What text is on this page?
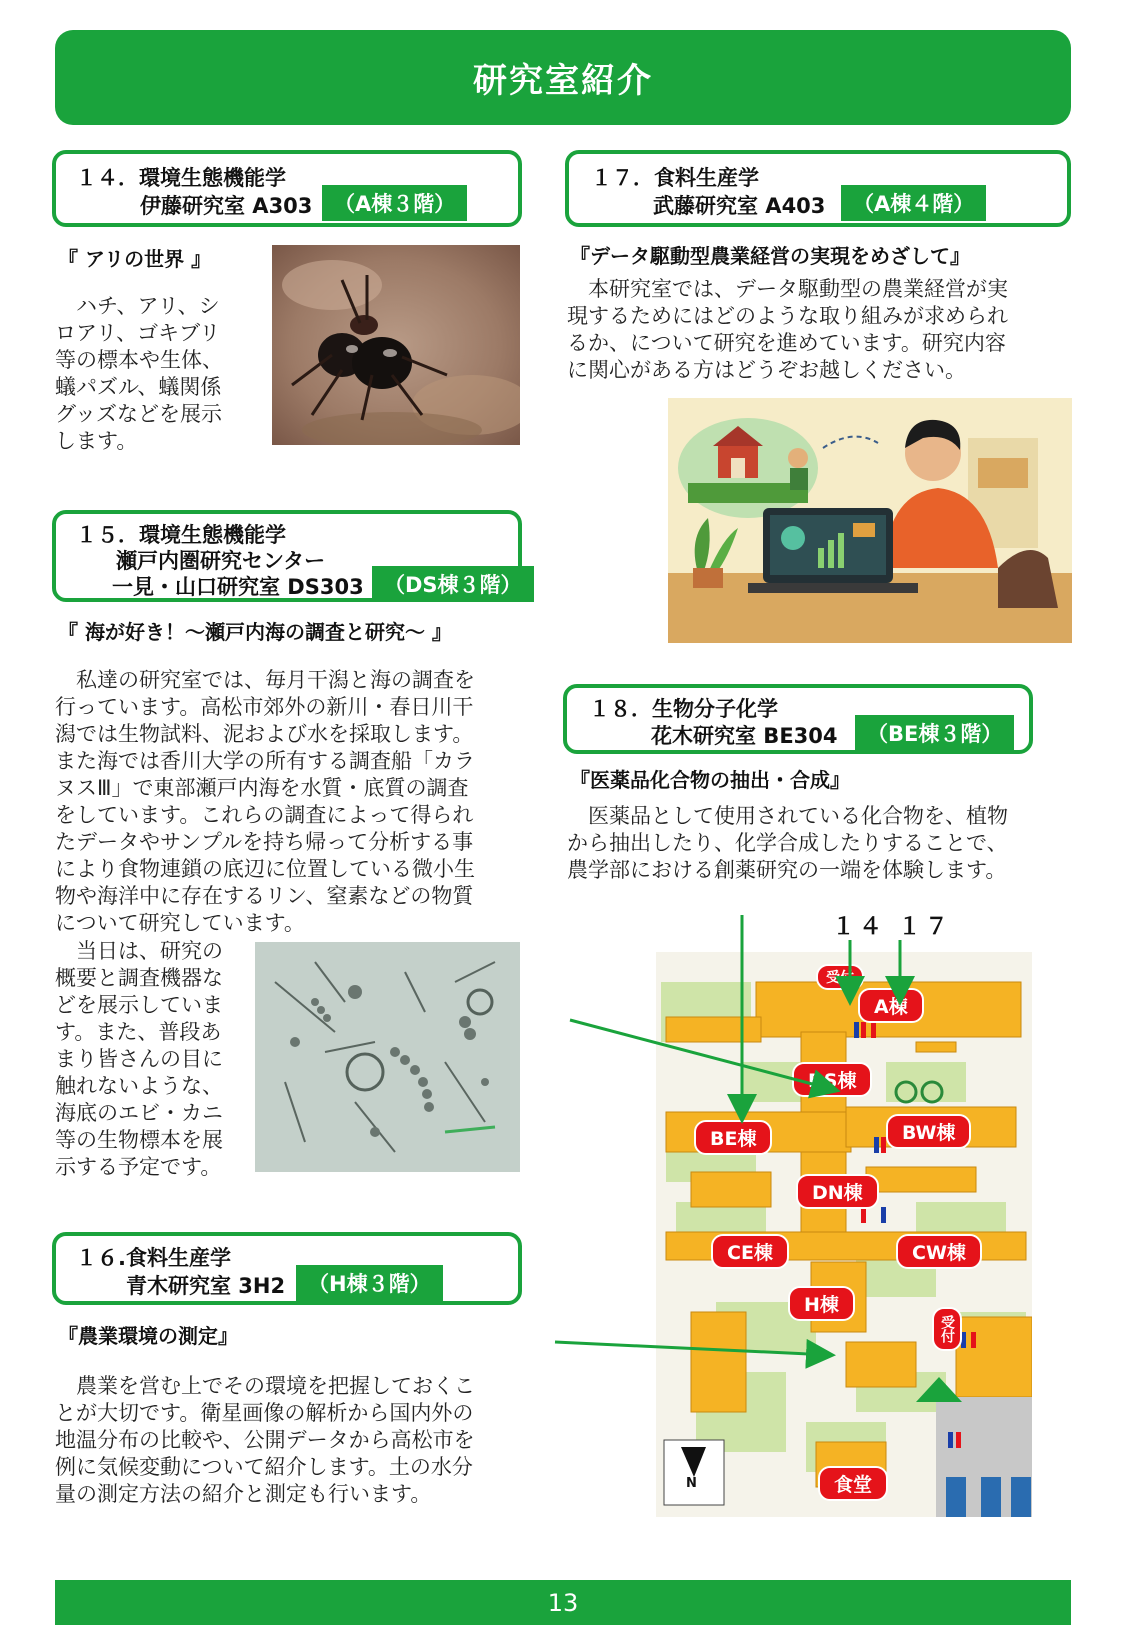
研究室紹介
１４．環境生態機能学
伊藤研究室 A303	（A棟３階）
『 アリの世界 』
　ハチ、アリ、シ
ロアリ、ゴキブリ
等の標本や生体、
蟻パズル、蟻関係
グッズなどを展示
します。
１５．環境生態機能学
瀬戸内圏研究センター
一見・山口研究室 DS303 （DS棟３階）
『 海が好き！～瀬戸内海の調査と研究～ 』
　私達の研究室では、毎月干潟と海の調査を
行っています。高松市郊外の新川・春日川干
潟では生物試料、泥および水を採取します。
また海では香川大学の所有する調査船「カラ
ヌスⅢ」で東部瀬戸内海を水質・底質の調査
をしています。これらの調査によって得られ
たデータやサンプルを持ち帰って分析する事
により食物連鎖の底辺に位置している微小生
物や海洋中に存在するリン、窒素などの物質
について研究しています。
　当日は、研究の
概要と調査機器な
どを展示していま
す。また、普段あ
まり皆さんの目に
触れないような、
海底のエビ・カニ
等の生物標本を展
示する予定です。
１６.食料生産学
青木研究室 3H2	（H棟３階）
『農業環境の測定』
　農業を営む上でその環境を把握しておくこ
とが大切です。衛星画像の解析から国内外の
地温分布の比較や、公開データから高松市を
例に気候変動について紹介します。土の水分
量の測定方法の紹介と測定も行います。
１７．食料生産学
武藤研究室 A403	（A棟４階）
『データ駆動型農業経営の実現をめざして』
　本研究室では、データ駆動型の農業経営が実
現するためにはどのような取り組みが求められ
るか、について研究を進めています。研究内容
に関心がある方はどうぞお越しください。
１８．生物分子化学
花木研究室 BE304	（BE棟３階）
『医薬品化合物の抽出・合成』
　医薬品として使用されている化合物を、植物
から抽出したり、化学合成したりすることで、
農学部における創薬研究の一端を体験します。
１４ １７
受付
A棟
DS棟
BE棟	BW棟
DN棟
CE棟	CW棟
H棟
受付
食堂
N
13
